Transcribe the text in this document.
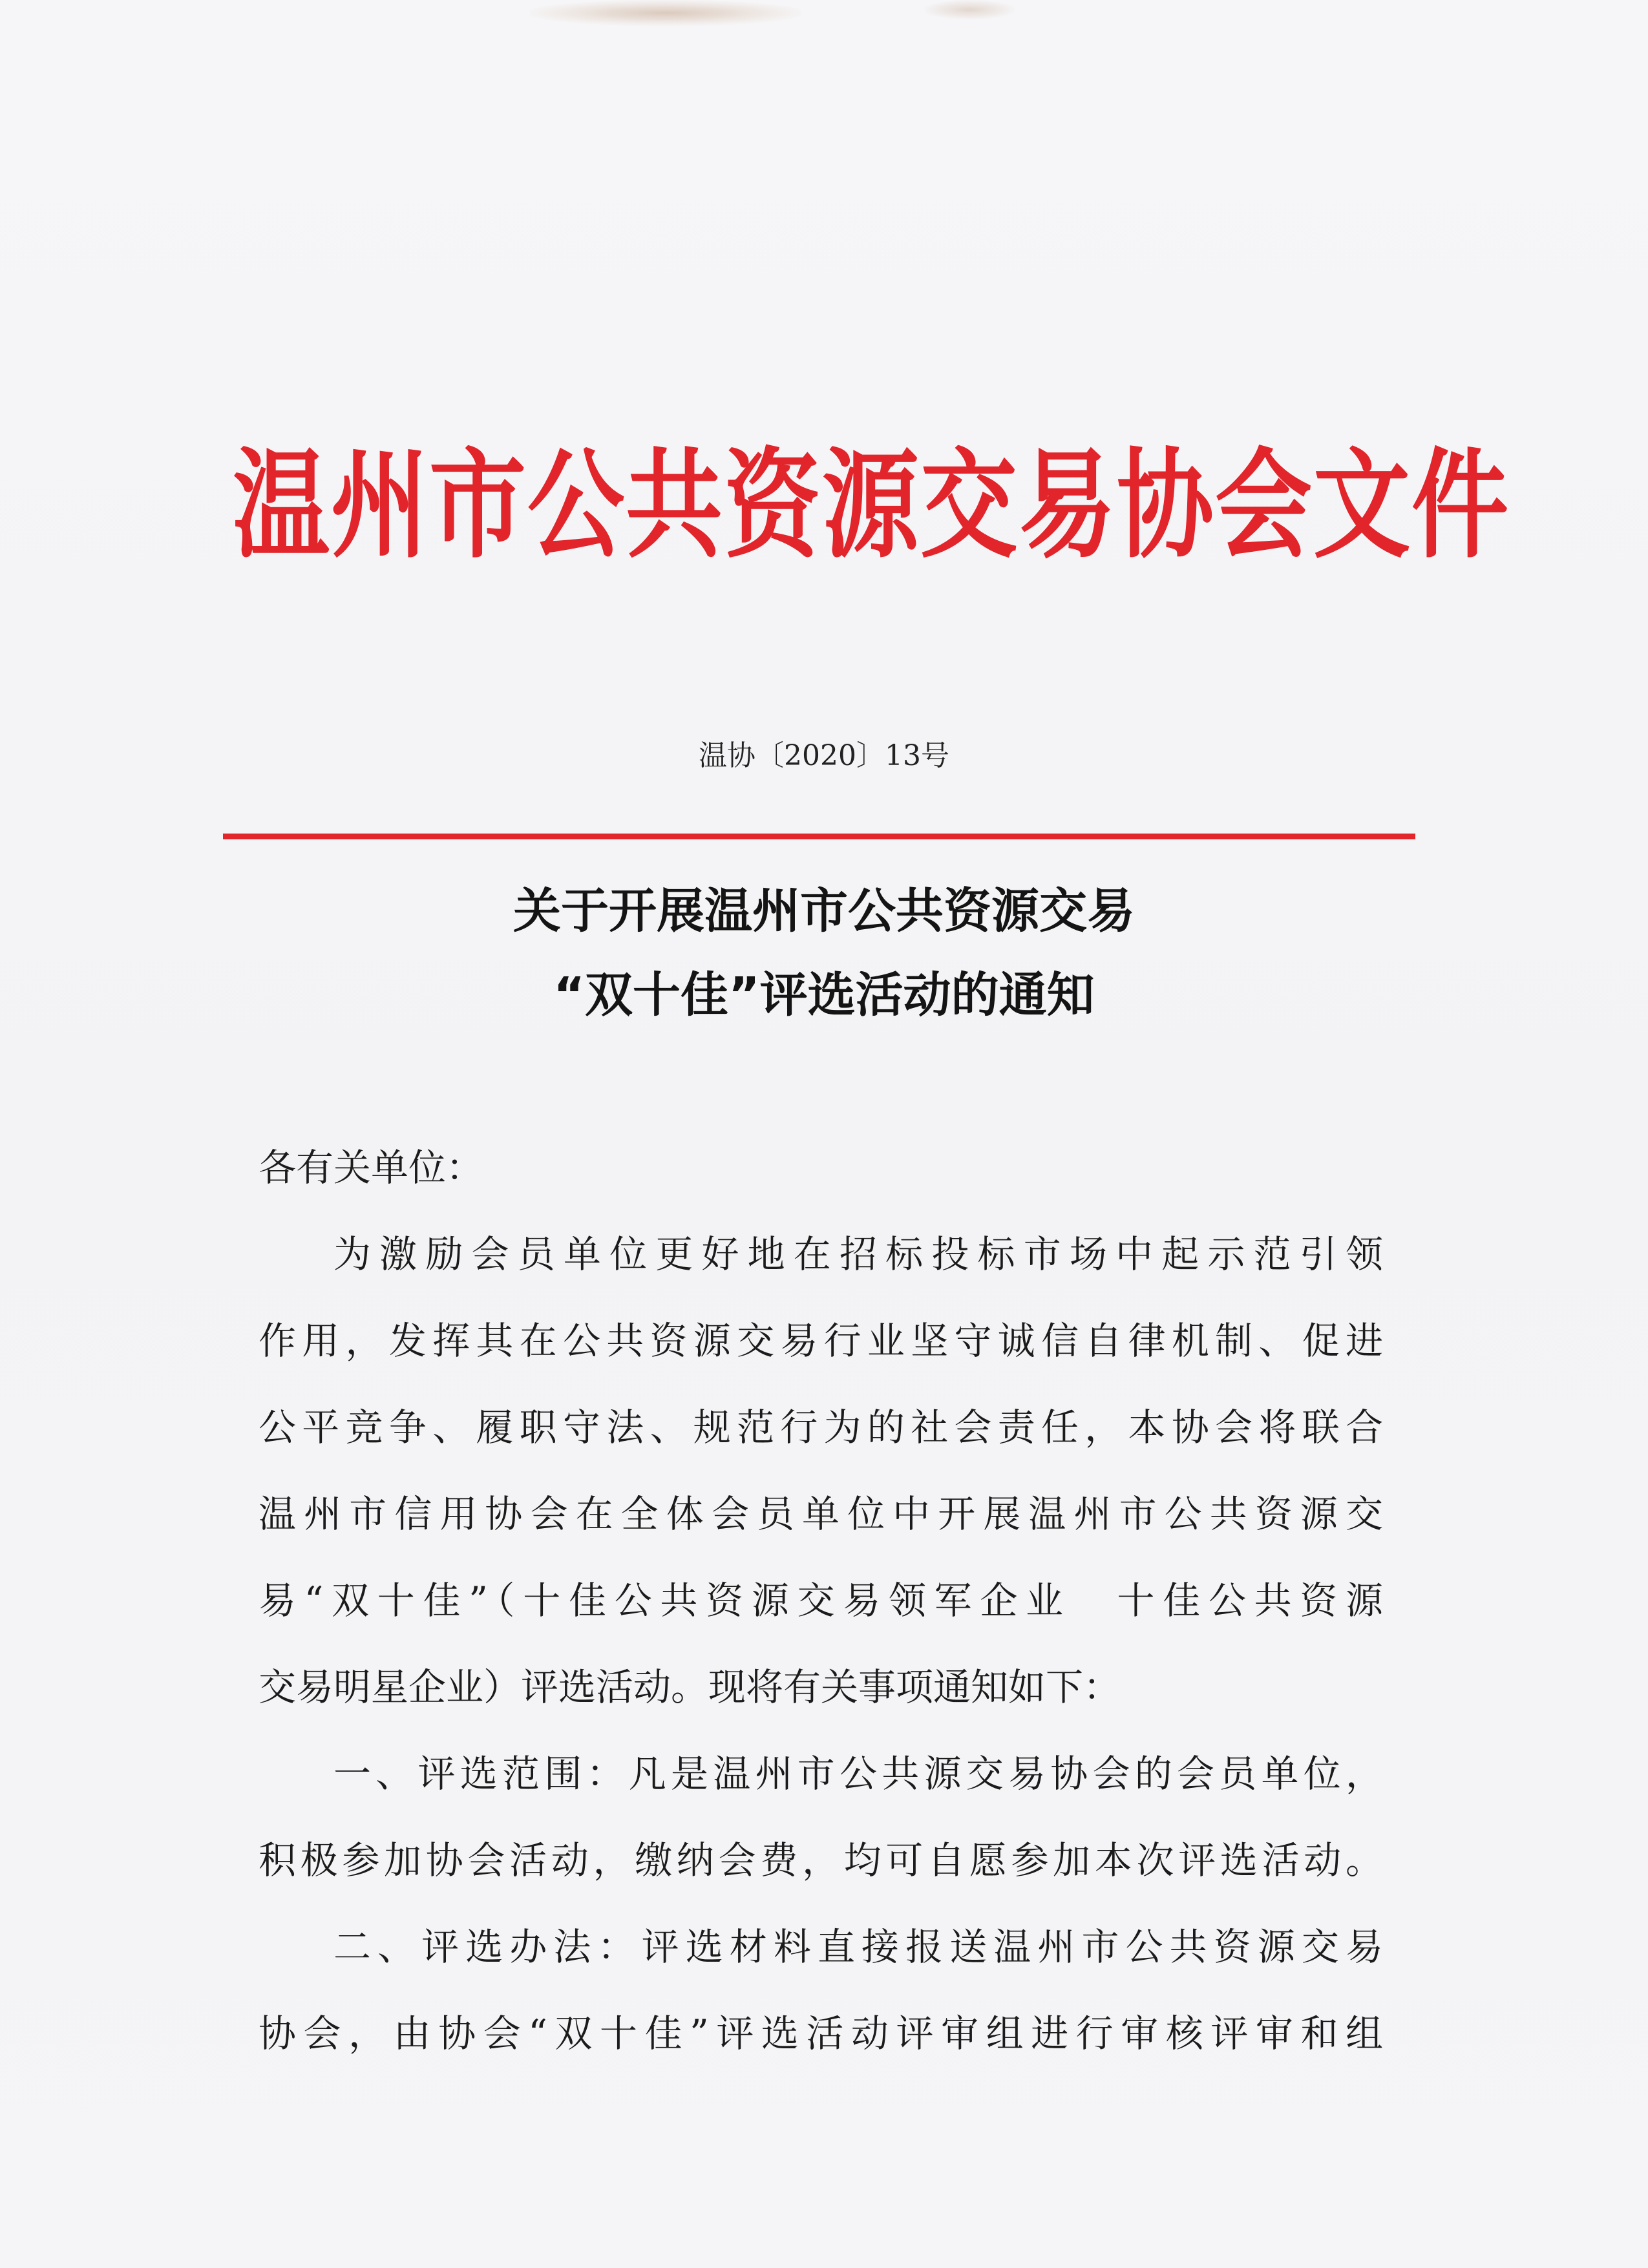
温州市公共资源交易协会文件
温协〔2020〕13号
关于开展温州市公共资源交易
“双十佳”评选活动的通知
各有关单位：
为激励会员单位更好地在招标投标市场中起示范引领
作用，发挥其在公共资源交易行业坚守诚信自律机制、促进
公平竞争、履职守法、规范行为的社会责任，本协会将联合
温州市信用协会在全体会员单位中开展温州市公共资源交
易“双十佳”（十佳公共资源交易领军企业　十佳公共资源
交易明星企业）评选活动。现将有关事项通知如下：
一、评选范围：凡是温州市公共源交易协会的会员单位，
积极参加协会活动，缴纳会费，均可自愿参加本次评选活动。
二、评选办法：评选材料直接报送温州市公共资源交易
协会，由协会“双十佳”评选活动评审组进行审核评审和组
